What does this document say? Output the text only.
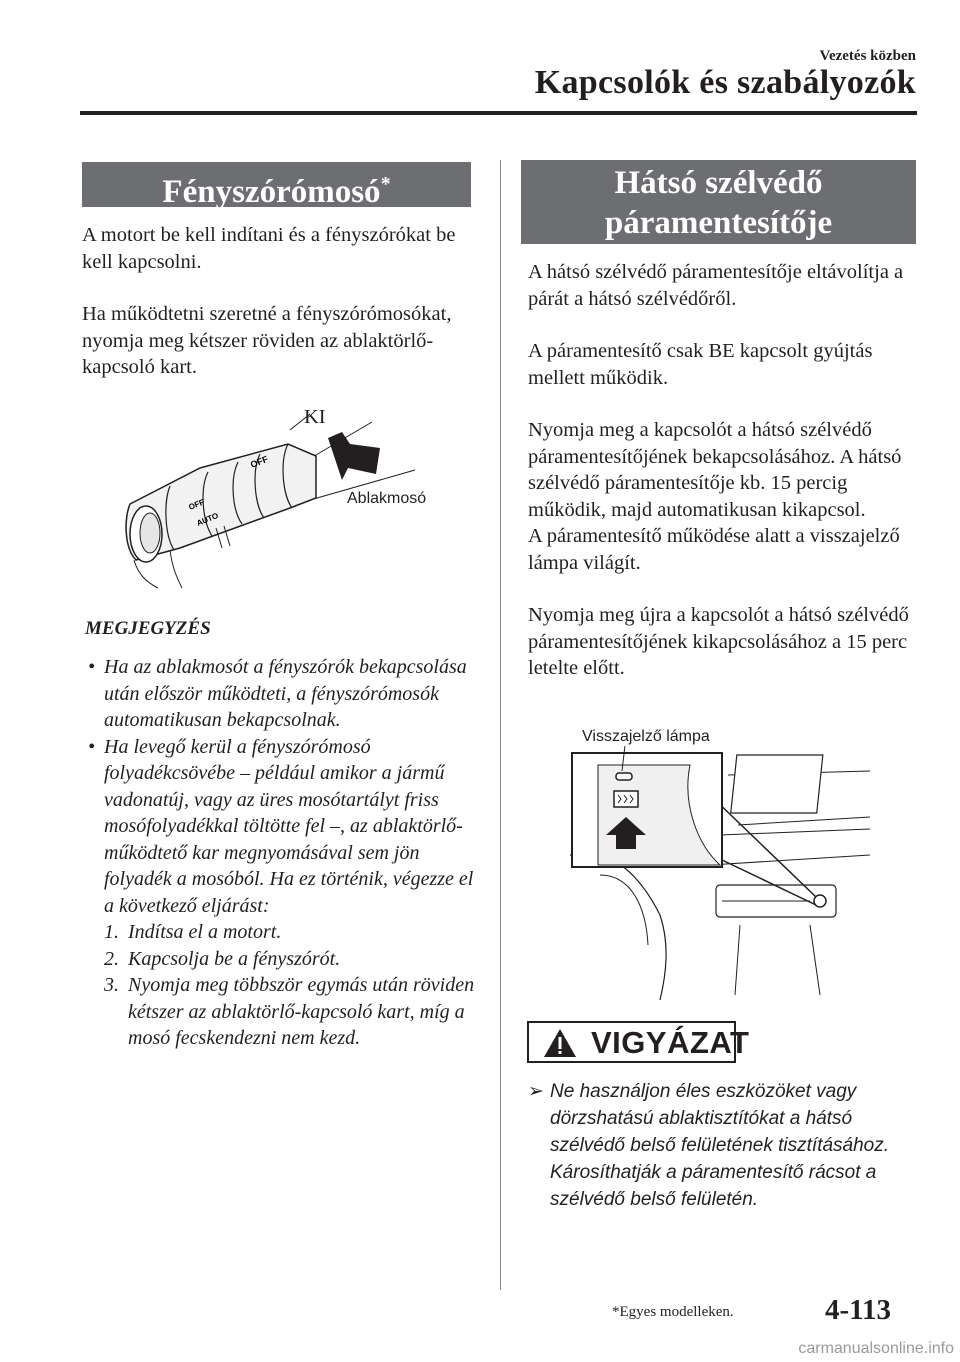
Vezetés közben
Kapcsolók és szabályozók
Fényszórómosó*

A motort be kell indítani és a fényszórókat be kell kapcsolni.

Ha működtetni szeretné a fényszórómosókat, nyomja meg kétszer röviden az ablaktörlő-kapcsoló kart.

OFF
AUTO
OFF
KI
Ablakmosó
MEGJEGYZÉS
• Ha az ablakmosót a fényszórók bekapcsolása után először működteti, a fényszórómosók automatikusan bekapcsolnak.
• Ha levegő kerül a fényszórómosó folyadékcsövébe – például amikor a jármű vadonatúj, vagy az üres mosótartályt friss mosófolyadékkal töltötte fel –, az ablaktörlő-működtető kar megnyomásával sem jön folyadék a mosóból. Ha ez történik, végezze el a következő eljárást:
1. Indítsa el a motort.
2. Kapcsolja be a fényszórót.
3. Nyomja meg többször egymás után röviden kétszer az ablaktörlő-kapcsoló kart, míg a mosó fecskendezni nem kezd.
Hátsó szélvédő
páramentesítője

A hátsó szélvédő páramentesítője eltávolítja a párát a hátsó szélvédőről.

A páramentesítő csak BE kapcsolt gyújtás mellett működik.

Nyomja meg a kapcsolót a hátsó szélvédő páramentesítőjének bekapcsolásához. A hátsó szélvédő páramentesítője kb. 15 percig működik, majd automatikusan kikapcsol.
A páramentesítő működése alatt a visszajelző lámpa világít.

Nyomja meg újra a kapcsolót a hátsó szélvédő páramentesítőjének kikapcsolásához a 15 perc letelte előtt.

Visszajelző lámpa
VIGYÁZAT
➢ Ne használjon éles eszközöket vagy dörzshatású ablaktisztítókat a hátsó szélvédő belső felületének tisztításához. Károsíthatják a páramentesítő rácsot a szélvédő belső felületén.
*Egyes modelleken.	4-113
carmanualsonline.info
